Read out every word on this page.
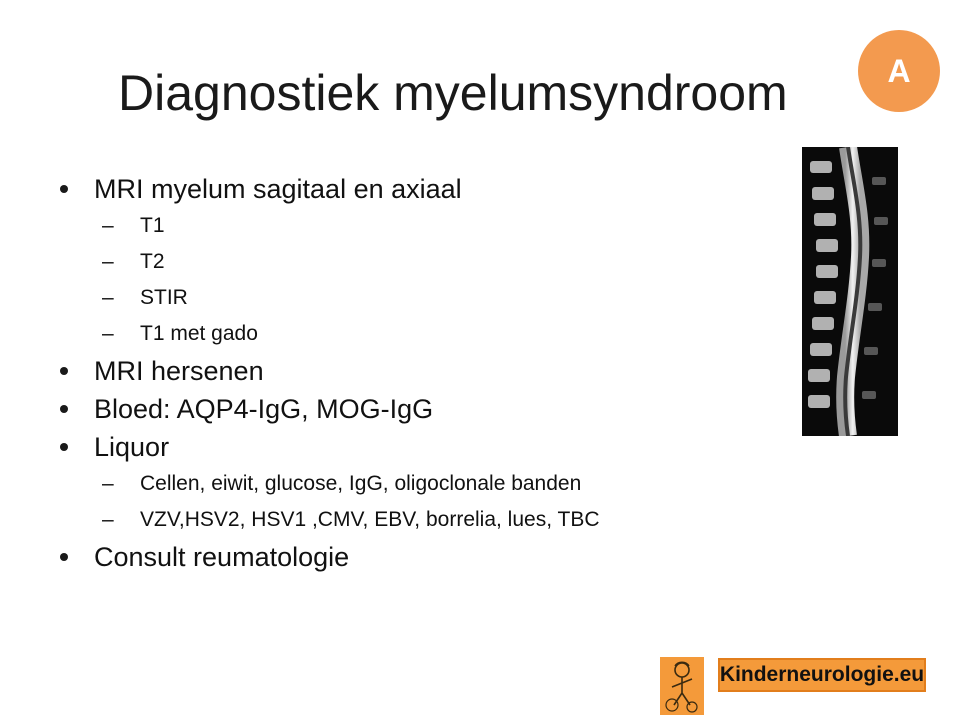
Diagnostiek myelumsyndroom	A
MRI myelum sagitaal en axiaal
– T1
– T2
– STIR
– T1 met gado
MRI hersenen
Bloed: AQP4-IgG, MOG-IgG
Liquor
– Cellen, eiwit, glucose, IgG, oligoclonale banden
– VZV,HSV2, HSV1 ,CMV, EBV, borrelia, lues, TBC
Consult reumatologie
Kinderneurologie.eu
